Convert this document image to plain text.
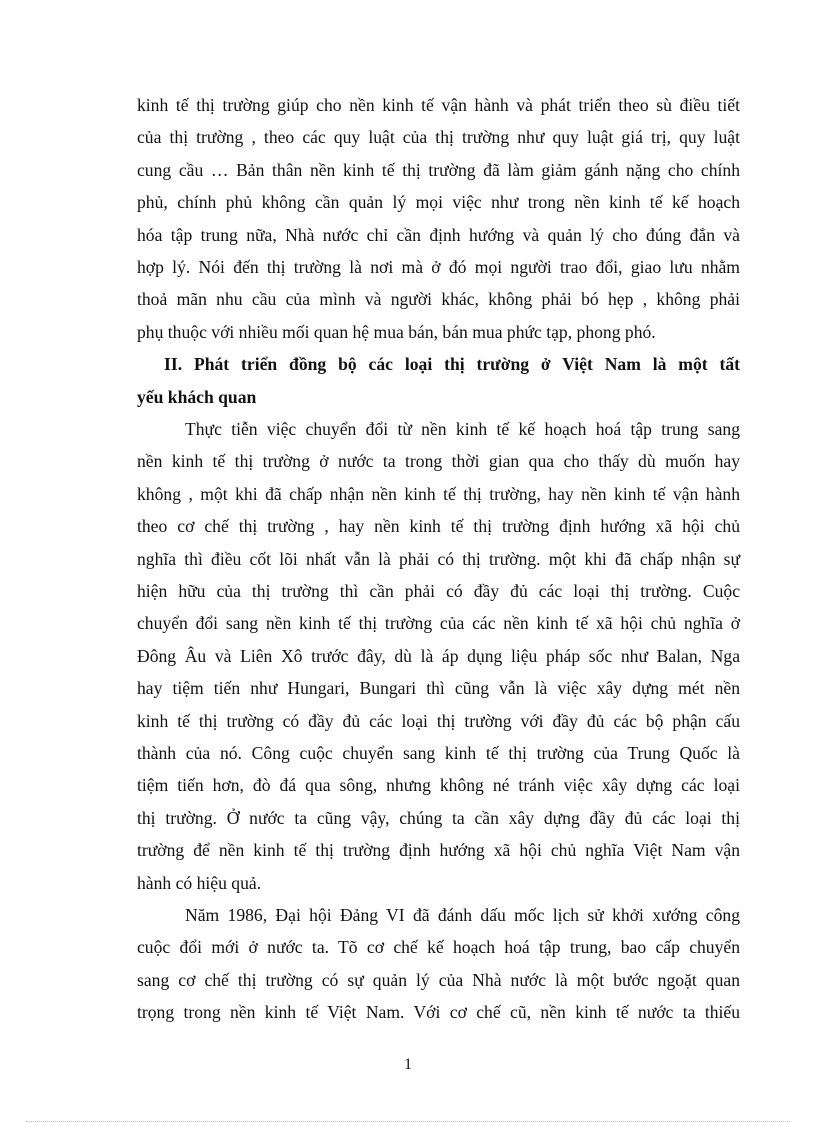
kinh tế thị trường giúp cho nền kinh tế vận hành và phát triển theo sù điều tiết
của thị trường , theo các quy luật của thị trường như quy luật giá trị, quy luật
cung cầu … Bản thân nền kinh tế thị trường đã làm giảm gánh nặng cho chính
phủ, chính phủ không cần quản lý mọi việc như trong nền kinh tế kế hoạch
hóa tập trung nữa, Nhà nước chỉ cần định hướng và quản lý cho đúng đắn và
hợp lý. Nói đến thị trường là nơi mà ở đó mọi người trao đổi, giao lưu nhằm
thoả mãn nhu cầu của mình và người khác, không phải bó hẹp , không phải
phụ thuộc với nhiều mối quan hệ mua bán, bán mua phức tạp, phong phó.
II. Phát triển đồng bộ các loại thị trường ở Việt Nam là một tất
yếu khách quan
Thực tiễn việc chuyển đổi từ nền kinh tế kế hoạch hoá tập trung sang
nền kinh tế thị trường ở nước ta trong thời gian qua cho thấy dù muốn hay
không , một khi đã chấp nhận nền kinh tế thị trường, hay nền kinh tế vận hành
theo cơ chế thị trường , hay nền kinh tế thị trường định hướng xã hội chủ
nghĩa thì điều cốt lõi nhất vẫn là phải có thị trường. một khi đã chấp nhận sự
hiện hữu của thị trường thì cần phải có đầy đủ các loại thị trường. Cuộc
chuyển đổi sang nền kinh tế thị trường của các nền kinh tế xã hội chủ nghĩa ở
Đông Âu và Liên Xô trước đây, dù là áp dụng liệu pháp sốc như Balan, Nga
hay tiệm tiến như Hungari, Bungari thì cũng vẫn là việc xây dựng mét nền
kinh tế thị trường có đầy đủ các loại thị trường với đầy đủ các bộ phận cấu
thành của nó. Công cuộc chuyển sang kinh tế thị trường của Trung Quốc là
tiệm tiến hơn, đò đá qua sông, nhưng không né tránh việc xây dựng các loại
thị trường. Ở nước ta cũng vậy, chúng ta cần xây dựng đầy đủ các loại thị
trường để nền kinh tế thị trường định hướng xã hội chủ nghĩa Việt Nam vận
hành có hiệu quả.
Năm 1986, Đại hội Đảng VI đã đánh dấu mốc lịch sử khởi xướng công
cuộc đổi mới ở nước ta. Tõ cơ chế kế hoạch hoá tập trung, bao cấp chuyển
sang cơ chế thị trường có sự quản lý của Nhà nước là một bước ngoặt quan
trọng trong nền kinh tế Việt Nam. Với cơ chế cũ, nền kinh tế nước ta thiếu
1
